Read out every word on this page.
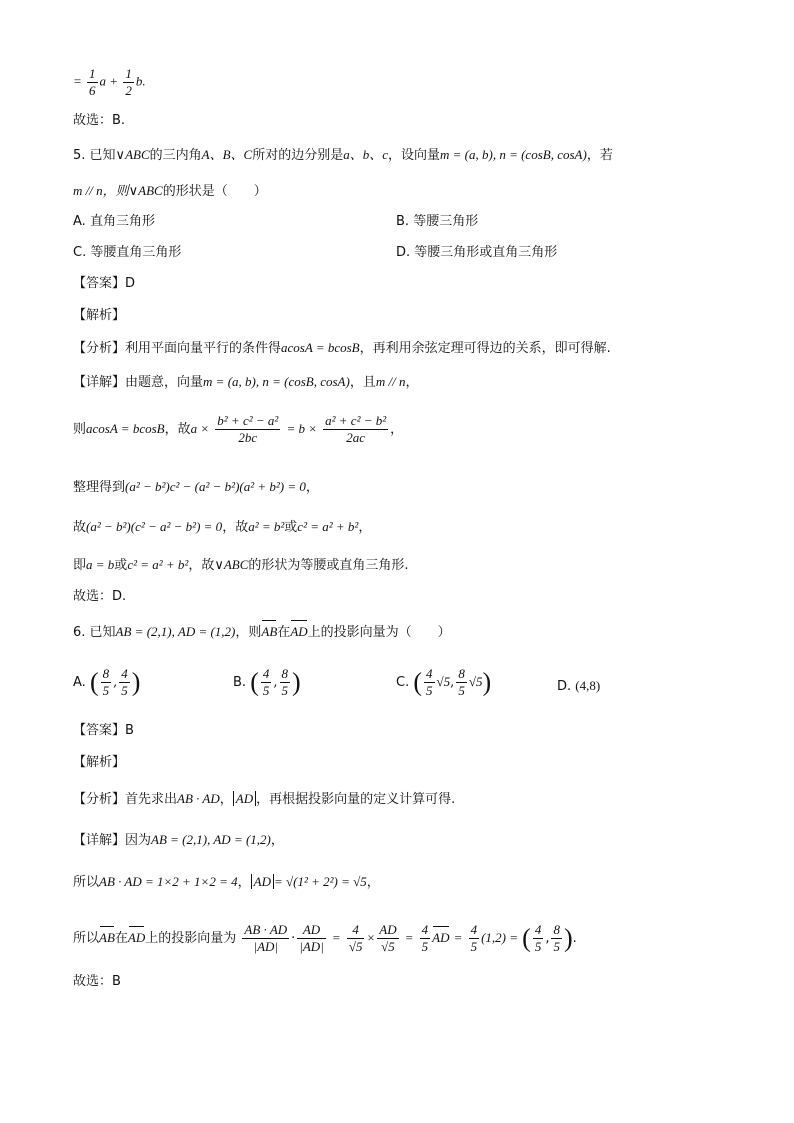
= $\frac{1}{6}$ $a + \frac{1}{2} b$.
故选：B.
5. 已知∨ABC的三内角A、B、C所对的边分别是a、b、c，设向量m = (a, b), n = (cosB, cosA)，若
m // n，则∨ABC的形状是（　　）
A. 直角三角形	B. 等腰三角形
C. 等腰直角三角形	D. 等腰三角形或直角三角形
【答案】D
【解析】
【分析】利用平面向量平行的条件得acosA = bcosB，再利用余弦定理可得边的关系，即可得解.
【详解】由题意，向量m = (a, b), n = (cosB, cosA)，且m // n，
则acosA = bcosB，故$a \times \frac{\text{b² + c² − a²}}{2bc} = b \times \frac{\text{a² + c² − b²}}{2ac}$ ，
整理得到(a² − b²)c² − (a² − b²)(a² + b²) = 0，
故(a² − b²)(c² − a² − b²) = 0，故a² = b²或c² = a² + b²，
即a = b或c² = a² + b²，故∨ABC的形状为等腰或直角三角形.
故选：D.
6. 已知AB = (2,1), AD = (1,2)，则AB在AD上的投影向量为（　　）
A. ( $\frac{8}{5}$ , $\frac{4}{5}$ )	B. ( $\frac{4}{5}$ , $\frac{8}{5}$ )	C. ( $\frac{4}{5} √5$, $\frac{8}{5} √5$)	D. (4,8)
【答案】B
【解析】
【分析】首先求出AB · AD， AD ，再根据投影向量的定义计算可得.
【详解】因为AB = (2,1), AD = (1,2)，
所以AB · AD = 1×2 + 1×2 = 4， AD = √(1² + 2²) = √5，
所以AB在AD上的投影向量为 $\frac{AB \cdot AD}{|AD|} \cdot \frac{AD}{|AD|} = \frac{4}{√5} \times \frac{AD}{√5} = \frac{4}{5}$ AD = $\frac{4}{5} (1,2)$ = ( $\frac{4}{5}$ , $\frac{8}{5}$ ).
故选：B
